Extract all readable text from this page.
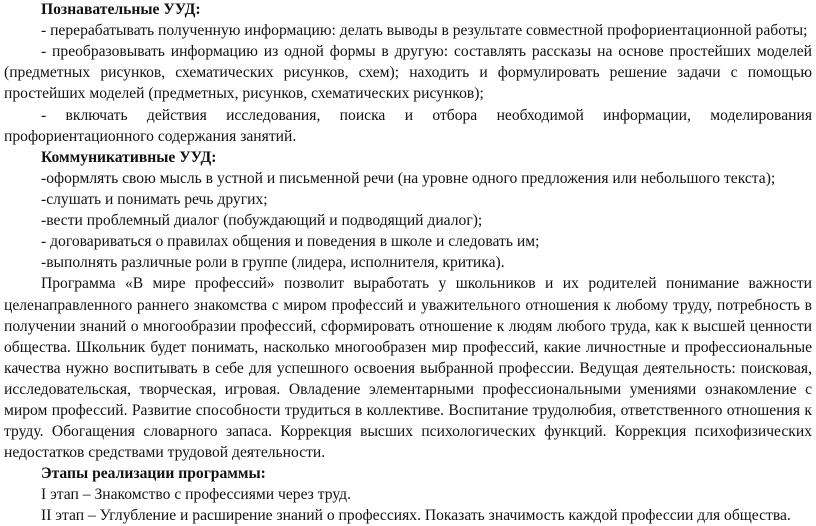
Познавательные УУД:
- перерабатывать полученную информацию: делать выводы в результате совместной профориентационной работы;
- преобразовывать информацию из одной формы в другую: составлять рассказы на основе простейших моделей
(предметных рисунков, схематических рисунков, схем); находить и формулировать решение задачи с помощью
простейших моделей (предметных, рисунков, схематических рисунков);
- включать действия исследования, поиска и отбора необходимой информации, моделирования
профориентационного содержания занятий.
Коммуникативные УУД:
-оформлять свою мысль в устной и письменной речи (на уровне одного предложения или небольшого текста);
-слушать и понимать речь других;
-вести проблемный диалог (побуждающий и подводящий диалог);
- договариваться о правилах общения и поведения в школе и следовать им;
-выполнять различные роли в группе (лидера, исполнителя, критика).
Программа «В мире профессий» позволит выработать у школьников и их родителей понимание важности
целенаправленного раннего знакомства с миром профессий и уважительного отношения к любому труду, потребность в
получении знаний о многообразии профессий, сформировать отношение к людям любого труда, как к высшей ценности
общества. Школьник будет понимать, насколько многообразен мир профессий, какие личностные и профессиональные
качества нужно воспитывать в себе для успешного освоения выбранной профессии. Ведущая деятельность: поисковая,
исследовательская, творческая, игровая. Овладение элементарными профессиональными умениями ознакомление с
миром профессий. Развитие способности трудиться в коллективе. Воспитание трудолюбия, ответственного отношения к
труду. Обогащения словарного запаса. Коррекция высших психологических функций. Коррекция психофизических
недостатков средствами трудовой деятельности.
Этапы реализации программы:
I этап – Знакомство с профессиями через труд.
II этап – Углубление и расширение знаний о профессиях. Показать значимость каждой профессии для общества.
